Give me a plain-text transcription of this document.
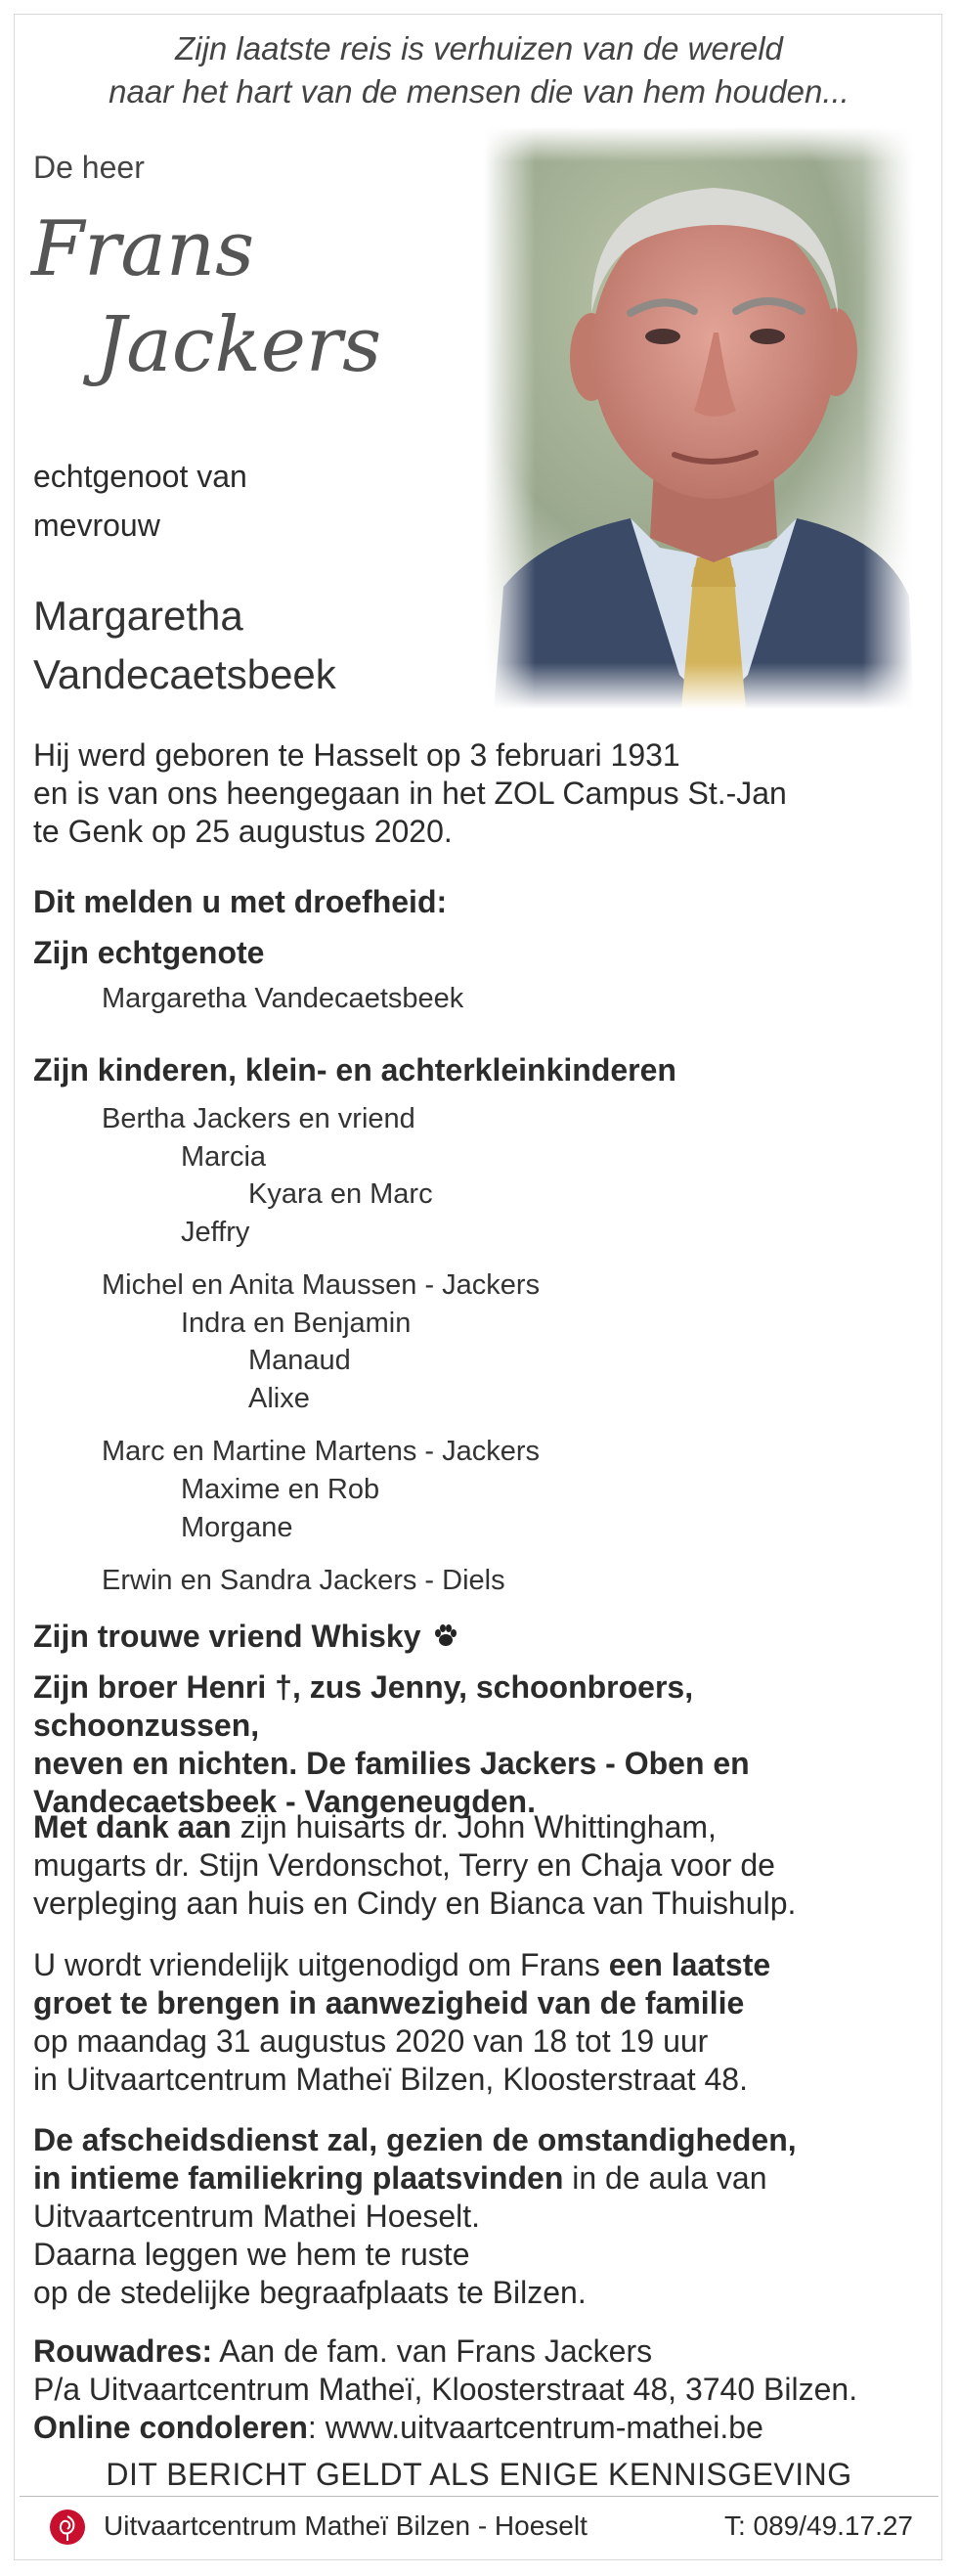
Zijn laatste reis is verhuizen van de wereld
naar het hart van de mensen die van hem houden...
De heer
Frans
Jackers
echtgenoot van
mevrouw
Margaretha
Vandecaetsbeek
Hij werd geboren te Hasselt op 3 februari 1931
en is van ons heengegaan in het ZOL Campus St.-Jan
te Genk op 25 augustus 2020.
Dit melden u met droefheid:
Zijn echtgenote
Margaretha Vandecaetsbeek
Zijn kinderen, klein- en achterkleinkinderen
Bertha Jackers en vriend
Marcia
Kyara en Marc
Jeffry
Michel en Anita Maussen - Jackers
Indra en Benjamin
Manaud
Alixe
Marc en Martine Martens - Jackers
Maxime en Rob
Morgane
Erwin en Sandra Jackers - Diels
Zijn trouwe vriend Whisky
Zijn broer Henri †, zus Jenny, schoonbroers, schoonzussen,
neven en nichten. De families Jackers - Oben en
Vandecaetsbeek - Vangeneugden.
Met dank aan zijn huisarts dr. John Whittingham,
mugarts dr. Stijn Verdonschot, Terry en Chaja voor de
verpleging aan huis en Cindy en Bianca van Thuishulp.
U wordt vriendelijk uitgenodigd om Frans een laatste
groet te brengen in aanwezigheid van de familie
op maandag 31 augustus 2020 van 18 tot 19 uur
in Uitvaartcentrum Matheï Bilzen, Kloosterstraat 48.
De afscheidsdienst zal, gezien de omstandigheden,
in intieme familiekring plaatsvinden in de aula van
Uitvaartcentrum Mathei Hoeselt.
Daarna leggen we hem te ruste
op de stedelijke begraafplaats te Bilzen.
Rouwadres: Aan de fam. van Frans Jackers
P/a Uitvaartcentrum Matheï, Kloosterstraat 48, 3740 Bilzen.
Online condoleren: www.uitvaartcentrum-mathei.be
DIT BERICHT GELDT ALS ENIGE KENNISGEVING
Uitvaartcentrum Matheï Bilzen - Hoeselt	T: 089/49.17.27
